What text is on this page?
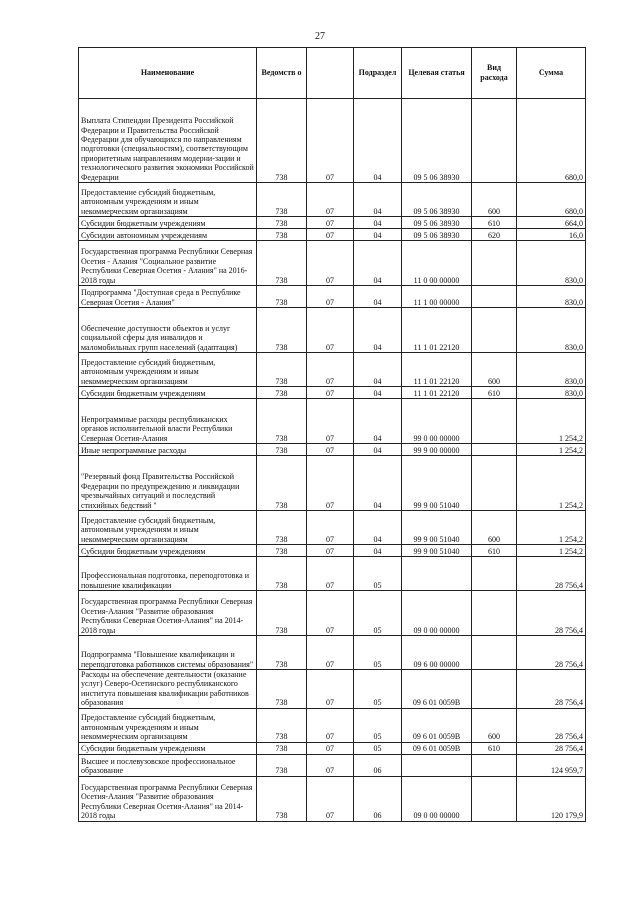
27
Наименование	Ведомств о		Подраздел	Целевая статья	Вид расхода	Сумма
Выплата Стипендии Президента Российской Федерации и Правительства Российской Федерации для обучающихся по направлениям подготовки (специальностям), соответствующим приоритетным направлениям модерни-зации и технологического развития экономики Российской Федерации	738	07	04	09 5 06 38930		680,0
Предоставление субсидий бюджетным, автономным учреждениям и иным некоммерческим организациям	738	07	04	09 5 06 38930	600	680,0
Субсидии бюджетным учреждениям	738	07	04	09 5 06 38930	610	664,0
Субсидии автономным учреждениям	738	07	04	09 5 06 38930	620	16,0
Государственная программа Республики Северная Осетия - Алания "Социальное развитие Республики Северная Осетия - Алания" на 2016-2018 годы	738	07	04	11 0 00 00000		830,0
Подпрограмма "Доступная среда в Республике Северная Осетия - Алания"	738	07	04	11 1 00 00000		830,0
Обеспечение доступности объектов и услуг социальной сферы для инвалидов и маломобильных групп населений (адаптация)	738	07	04	11 1 01 22120		830,0
Предоставление субсидий бюджетным, автономным учреждениям и иным некоммерческим организациям	738	07	04	11 1 01 22120	600	830,0
Субсидии бюджетным учреждениям	738	07	04	11 1 01 22120	610	830,0
Непрограммные расходы республиканских органов исполнительной власти Республики Северная Осетия-Алания	738	07	04	99 0 00 00000		1 254,2
Иные непрограммные расходы	738	07	04	99 9 00 00000		1 254,2
"Резервный фонд Правительства Российской Федерации по предупреждению и ликвидации чрезвычайных ситуаций и последствий стихийных бедствий "	738	07	04	99 9 00 51040		1 254,2
Предоставление субсидий бюджетным, автономным учреждениям и иным некоммерческим организациям	738	07	04	99 9 00 51040	600	1 254,2
Субсидии бюджетным учреждениям	738	07	04	99 9 00 51040	610	1 254,2
Профессиональная подготовка, переподготовка и повышение квалификации	738	07	05			28 756,4
Государственная программа Республики Северная Осетия-Алания "Развитие образования Республики Северная Осетия-Алания" на 2014-2018 годы	738	07	05	09 0 00 00000		28 756,4
Подпрограмма "Повышение квалификации и переподготовка работников системы образования"	738	07	05	09 6 00 00000		28 756,4
Расходы на обеспечение деятельности (оказание услуг) Северо-Осетинского республиканского института повышения квалификации работников образования	738	07	05	09 6 01 0059В		28 756,4
Предоставление субсидий бюджетным, автономным учреждениям и иным некоммерческим организациям	738	07	05	09 6 01 0059В	600	28 756,4
Субсидии бюджетным учреждениям	738	07	05	09 6 01 0059В	610	28 756,4
Высшее и послевузовское профессиональное образование	738	07	06			124 959,7
Государственная программа Республики Северная Осетия-Алания "Развитие образования Республики Северная Осетия-Алания" на 2014-2018 годы	738	07	06	09 0 00 00000		120 179,9
